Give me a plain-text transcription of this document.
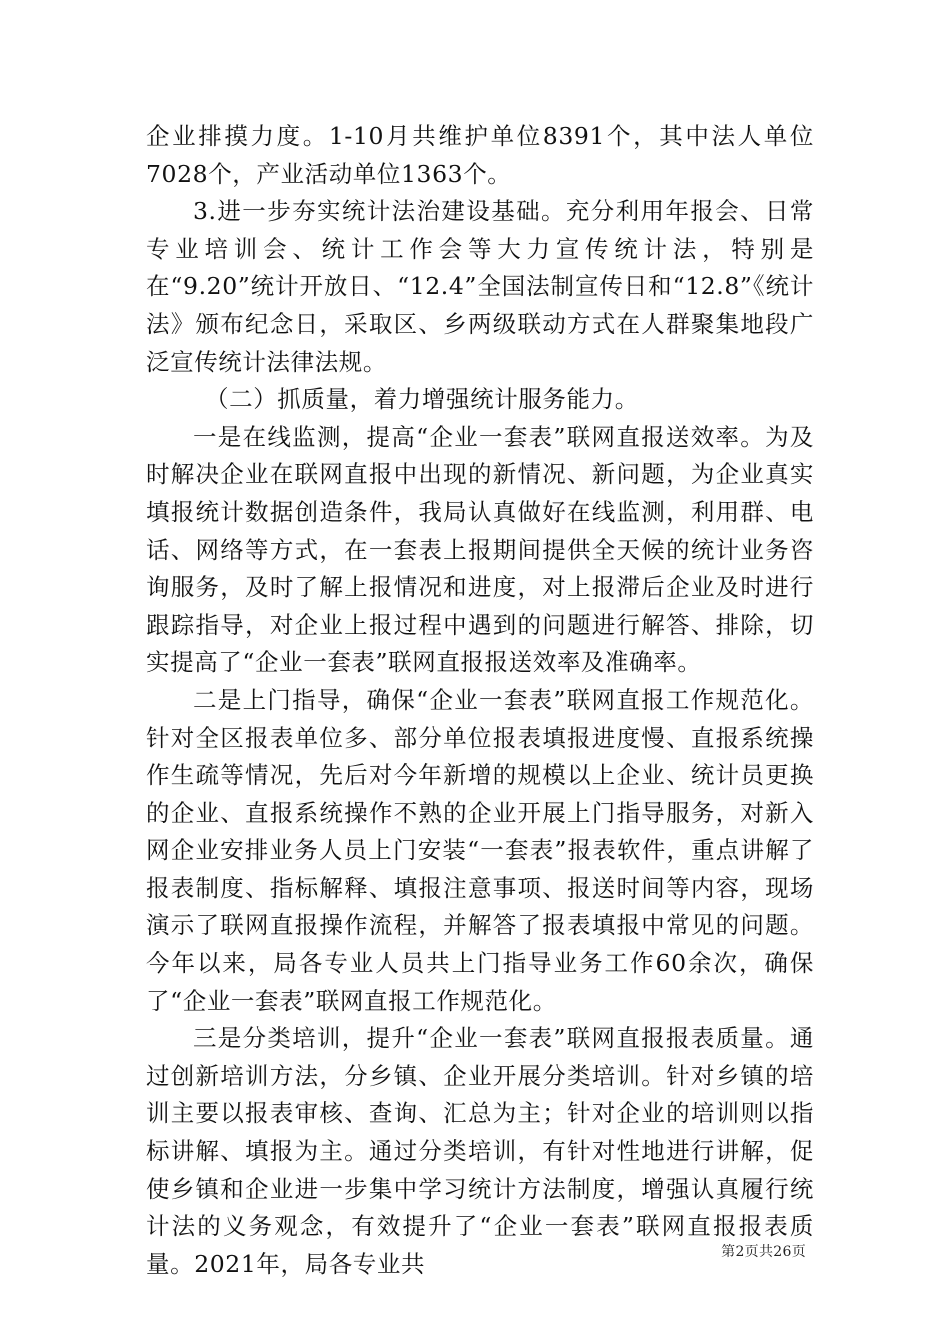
企业排摸力度。1-10月共维护单位8391个，其中法人单位7028个，产业活动单位1363个。

3.进一步夯实统计法治建设基础。充分利用年报会、日常专业培训会、统计工作会等大力宣传统计法，特别是在“9.20”统计开放日、“12.4”全国法制宣传日和“12.8”《统计法》颁布纪念日，采取区、乡两级联动方式在人群聚集地段广泛宣传统计法律法规。

（二）抓质量，着力增强统计服务能力。

一是在线监测，提高“企业一套表”联网直报送效率。为及时解决企业在联网直报中出现的新情况、新问题，为企业真实填报统计数据创造条件，我局认真做好在线监测，利用群、电话、网络等方式，在一套表上报期间提供全天候的统计业务咨询服务，及时了解上报情况和进度，对上报滞后企业及时进行跟踪指导，对企业上报过程中遇到的问题进行解答、排除，切实提高了“企业一套表”联网直报报送效率及准确率。

二是上门指导，确保“企业一套表”联网直报工作规范化。针对全区报表单位多、部分单位报表填报进度慢、直报系统操作生疏等情况，先后对今年新增的规模以上企业、统计员更换的企业、直报系统操作不熟的企业开展上门指导服务，对新入网企业安排业务人员上门安装“一套表”报表软件，重点讲解了报表制度、指标解释、填报注意事项、报送时间等内容，现场演示了联网直报操作流程，并解答了报表填报中常见的问题。今年以来，局各专业人员共上门指导业务工作60余次，确保了“企业一套表”联网直报工作规范化。

三是分类培训，提升“企业一套表”联网直报报表质量。通过创新培训方法，分乡镇、企业开展分类培训。针对乡镇的培训主要以报表审核、查询、汇总为主；针对企业的培训则以指标讲解、填报为主。通过分类培训，有针对性地进行讲解，促使乡镇和企业进一步集中学习统计方法制度，增强认真履行统计法的义务观念，有效提升了“企业一套表”联网直报报表质量。2021年，局各专业共	第2页共26页
